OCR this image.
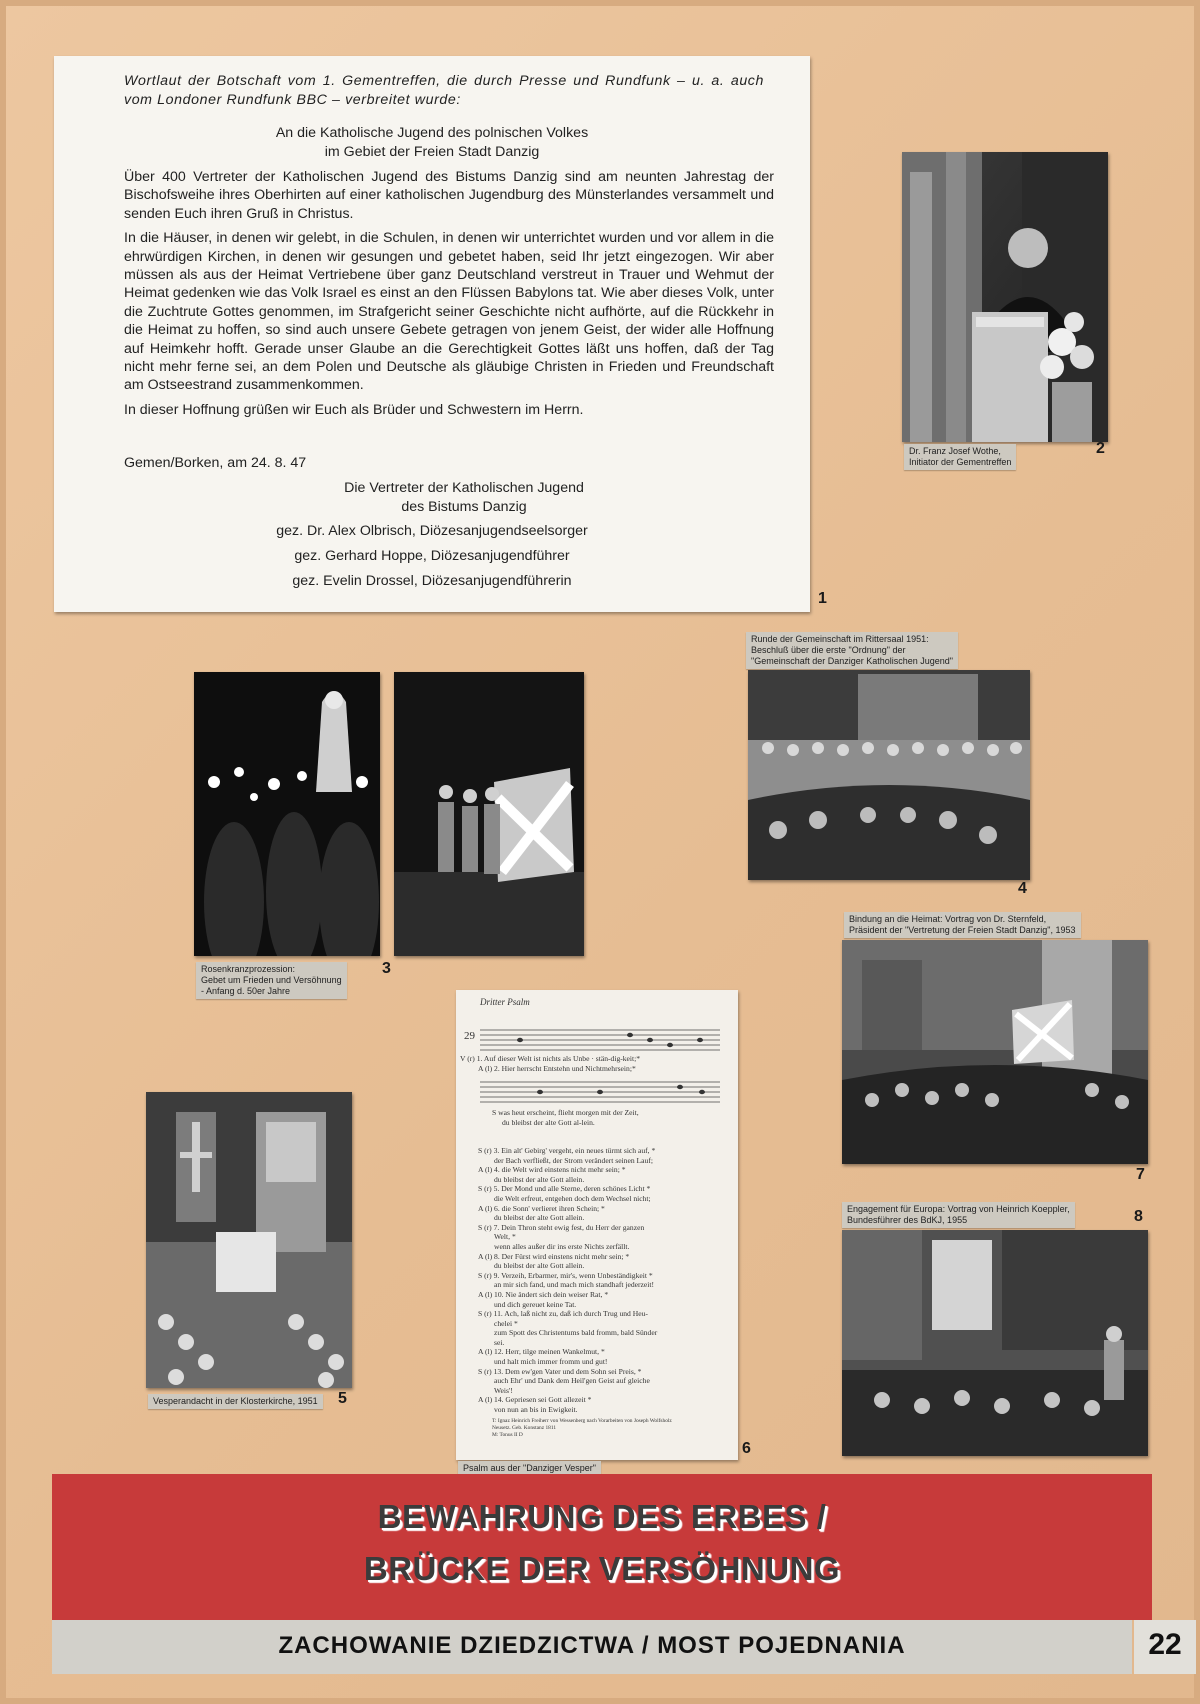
Wortlaut der Botschaft vom 1. Gementreffen, die durch Presse und Rundfunk – u. a. auch vom Londoner Rundfunk BBC – verbreitet wurde:
An die Katholische Jugend des polnischen Volkes
im Gebiet der Freien Stadt Danzig

Über 400 Vertreter der Katholischen Jugend des Bistums Danzig sind am neunten Jahrestag der Bischofsweihe ihres Oberhirten auf einer katholischen Jugendburg des Münsterlandes versammelt und senden Euch ihren Gruß in Christus.

In die Häuser, in denen wir gelebt, in die Schulen, in denen wir unterrichtet wurden und vor allem in die ehrwürdigen Kirchen, in denen wir gesungen und gebetet haben, seid Ihr jetzt eingezogen. Wir aber müssen als aus der Heimat Vertriebene über ganz Deutschland verstreut in Trauer und Wehmut der Heimat gedenken wie das Volk Israel es einst an den Flüssen Babylons tat. Wie aber dieses Volk, unter die Zuchtrute Gottes genommen, im Strafgericht seiner Geschichte nicht aufhörte, auf die Rückkehr in die Heimat zu hoffen, so sind auch unsere Gebete getragen von jenem Geist, der wider alle Hoffnung auf Heimkehr hofft. Gerade unser Glaube an die Gerechtigkeit Gottes läßt uns hoffen, daß der Tag nicht mehr ferne sei, an dem Polen und Deutsche als gläubige Christen in Frieden und Freundschaft am Ostseestrand zusammenkommen.

In dieser Hoffnung grüßen wir Euch als Brüder und Schwestern im Herrn.

Gemen/Borken, am 24. 8. 47
Die Vertreter der Katholischen Jugend
des Bistums Danzig
gez. Dr. Alex Olbrisch, Diözesanjugendseelsorger
gez. Gerhard Hoppe, Diözesanjugendführer
gez. Evelin Drossel, Diözesanjugendführerin
1
Dr. Franz Josef Wothe,
Initiator der Gementreffen
2
Runde der Gemeinschaft im Rittersaal 1951:
Beschluß über die erste "Ordnung" der
"Gemeinschaft der Danziger Katholischen Jugend"
4
Rosenkranzprozession:
Gebet um Frieden und Versöhnung
- Anfang d. 50er Jahre
3
Bindung an die Heimat: Vortrag von Dr. Sternfeld,
Präsident der "Vertretung der Freien Stadt Danzig", 1953
7
Engagement für Europa: Vortrag von Heinrich Koeppler,
Bundesführer des BdKJ, 1955	8
Vesperandacht in der Klosterkirche, 1951 5
Dritter Psalm
29
V (r) 1. Auf dieser Welt ist nichts als Unbe · stän-dig-keit;*
A (l) 2. Hier herrscht Entstehn und Nichtmehrsein;*
S was heut erscheint, flieht morgen mit der Zeit,
du bleibst der alte Gott al-lein.
S (r) 3. Ein alt' Gebirg' vergeht, ein neues türmt sich auf, *
der Bach verfließt, der Strom verändert seinen Lauf;
A (l) 4. die Welt wird einstens nicht mehr sein; *
du bleibst der alte Gott allein.
S (r) 5. Der Mond und alle Sterne, deren schönes Licht *
die Welt erfreut, entgehen doch dem Wechsel nicht;
A (l) 6. die Sonn' verlieret ihren Schein; *
du bleibst der alte Gott allein.
S (r) 7. Dein Thron steht ewig fest, du Herr der ganzen
Welt, *
wenn alles außer dir ins erste Nichts zerfällt.
A (l) 8. Der Fürst wird einstens nicht mehr sein; *
du bleibst der alte Gott allein.
S (r) 9. Verzeih, Erbarmer, mir's, wenn Unbeständigkeit *
an mir sich fand, und mach mich standhaft jederzeit!
A (l) 10. Nie ändert sich dein weiser Rat, *
und dich gereuet keine Tat.
S (r) 11. Ach, laß nicht zu, daß ich durch Trug und Heu-
chelei *
zum Spott des Christentums bald fromm, bald Sünder
sei.
A (l) 12. Herr, tilge meinen Wankelmut, *
und halt mich immer fromm und gut!
S (r) 13. Dem ew'gen Vater und dem Sohn sei Preis, *
auch Ehr' und Dank dem Heil'gen Geist auf gleiche
Weis'!
A (l) 14. Gepriesen sei Gott allezeit *
von nun an bis in Ewigkeit.
T: Ignaz Heinrich Freiherr von Wessenberg nach Vorarbeiten von Joseph Wolfsholz
Neusetz. Geb. Konstanz 1811
M: Tonus II D
6
Psalm aus der "Danziger Vesper"
BEWAHRUNG DES ERBES /
BRÜCKE DER VERSÖHNUNG
ZACHOWANIE DZIEDZICTWA / MOST POJEDNANIA	22
